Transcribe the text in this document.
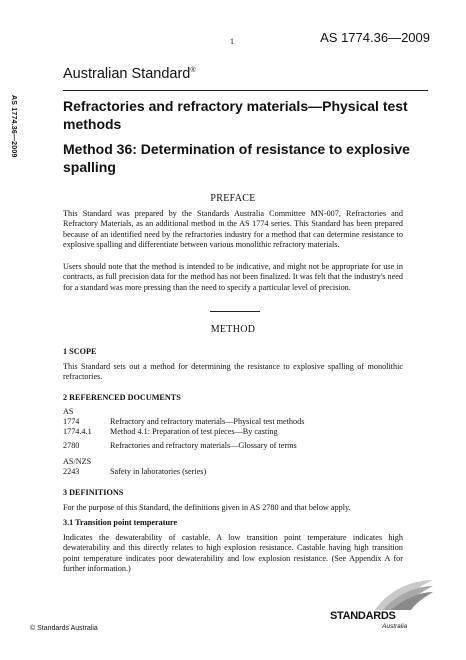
1	AS 1774.36—2009
AS 1774.36—2009
Australian Standard®
Refractories and refractory materials—Physical test methods
Method 36: Determination of resistance to explosive spalling
PREFACE
This Standard was prepared by the Standards Australia Committee MN-007, Refractories and Refractory Materials, as an additional method in the AS 1774 series. This Standard has been prepared because of an identified need by the refractories industry for a method that can determine resistance to explosive spalling and differentiate between various monolithic refractory materials.
Users should note that the method is intended to be indicative, and might not be appropriate for use in contracts, as full precision data for the method has not been finalized. It was felt that the industry's need for a standard was more pressing than the need to specify a particular level of precision.
METHOD
1 SCOPE
This Standard sets out a method for determining the resistance to explosive spalling of monolithic refractories.
2 REFERENCED DOCUMENTS
AS
1774	Refractory and refractory materials—Physical test methods
1774.4.1 Method 4.1: Preparation of test pieces—By casting
2780	Refractories and refractory materials—Glossary of terms
AS/NZS
2243	Safety in laboratories (series)
3 DEFINITIONS
For the purpose of this Standard, the definitions given in AS 2780 and that below apply.
3.1 Transition point temperature
Indicates the dewaterability of castable. A low transition point temperature indicates high dewaterability and this directly relates to high explosion resistance. Castable having high transition point temperature indicates poor dewaterability and low explosion resistance. (See Appendix A for further information.)
© Standards Australia
STANDARDS
Australia
